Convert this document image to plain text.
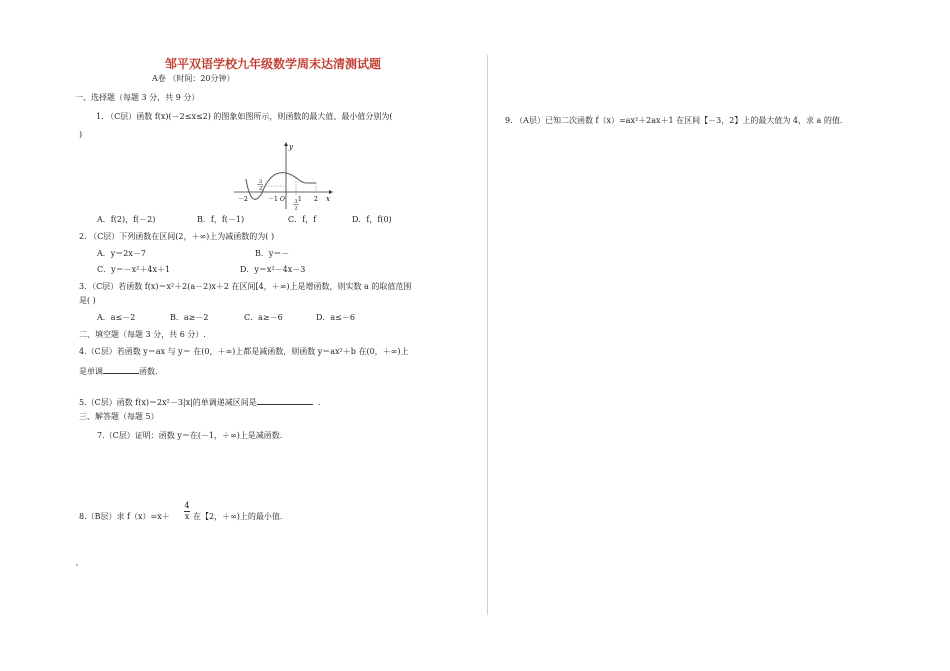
邹平双语学校九年级数学周末达清测试题
A卷 （时间：20分钟）
一、选择题（每题 3 分，共 9 分）
1. （C层）函数 f(x)(－2≤x≤2) 的图象如图所示，则函数的最大值、最小值分别为(
)
y
x
－2	－1 O 1 2
3
2
3
2
A．f(2)，f(－2)	B．f，f(－1)	C．f，f	D．f，f(0)
2. （C层）下列函数在区间(2，＋∞)上为减函数的为( )
A．y＝2x－7	B．y＝－
C．y＝－x²＋4x＋1	D．y＝x²－4x－3
3．（C层）若函数 f(x)＝x²＋2(a－2)x＋2 在区间[4，＋∞)上是增函数，则实数 a 的取值范围
是( )
A．a≤－2	B．a≥－2	C．a≥－6	D．a≤－6
二、填空题（每题 3 分，共 6 分）.
4.（C层）若函数 y＝ax 与 y＝ 在(0，＋∞)上都是减函数，则函数 y＝ax²＋b 在(0，＋∞)上
是单调	函数.
5.（C层）函数 f(x)＝2x²－3|x|的单调递减区间是	.
三、解答题（每题 5）
7.（C层）证明：函数 y＝在(－1，＋∞)上是减函数.
8.（B层）求 f（x）=x＋
4
x 在【2，＋∞)上的最小值.
9. （A层）已知二次函数 f（x）=ax²＋2ax＋1 在区间【－3，2】上的最大值为 4，求 a 的值.
